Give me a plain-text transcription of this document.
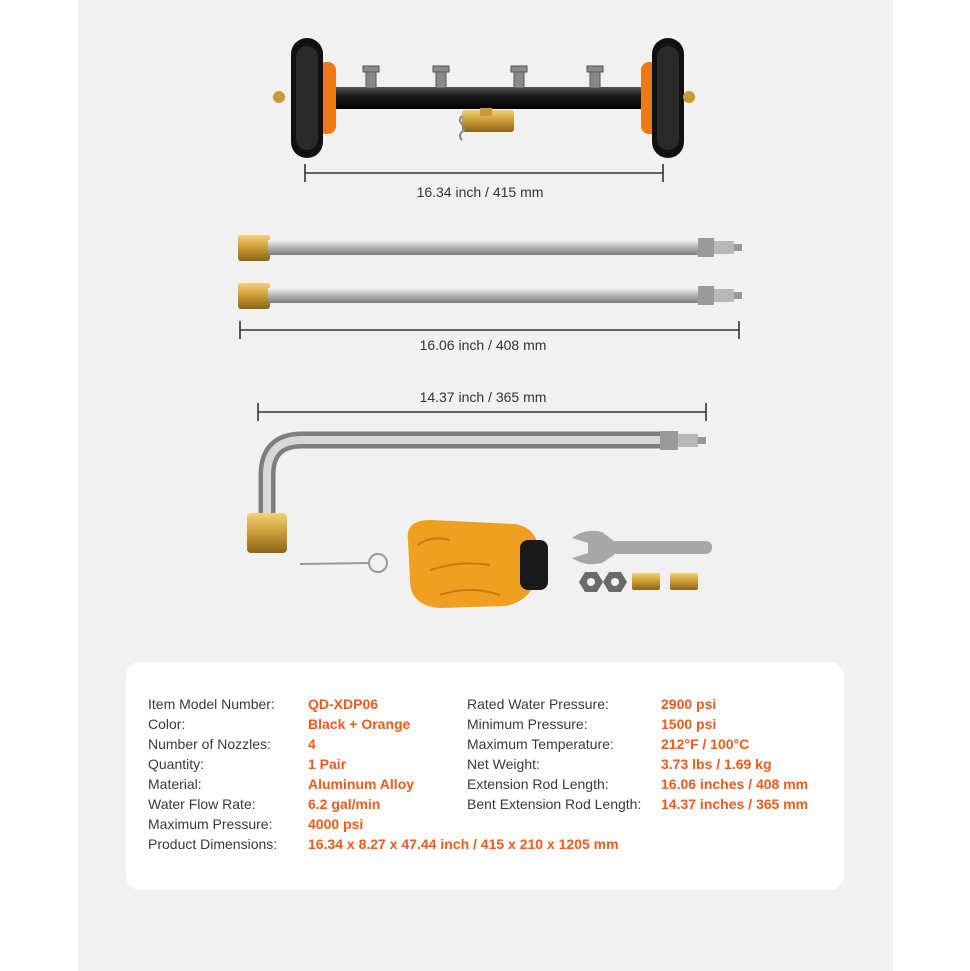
16.34 inch / 415 mm
16.06 inch / 408 mm
14.37 inch / 365 mm
Item Model Number: QD-XDP06
Color:	Black + Orange
Number of Nozzles:	4
Quantity:	1 Pair
Material:	Aluminum Alloy
Water Flow Rate:	6.2 gal/min
Maximum Pressure:	4000 psi
Product Dimensions: 16.34 x 8.27 x 47.44 inch / 415 x 210 x 1205 mm
Rated Water Pressure:	2900 psi
Minimum Pressure:	1500 psi
Maximum Temperature:	212°F / 100°C
Net Weight:	3.73 lbs / 1.69 kg
Extension Rod Length:	16.06 inches / 408 mm
Bent Extension Rod Length: 14.37 inches / 365 mm
